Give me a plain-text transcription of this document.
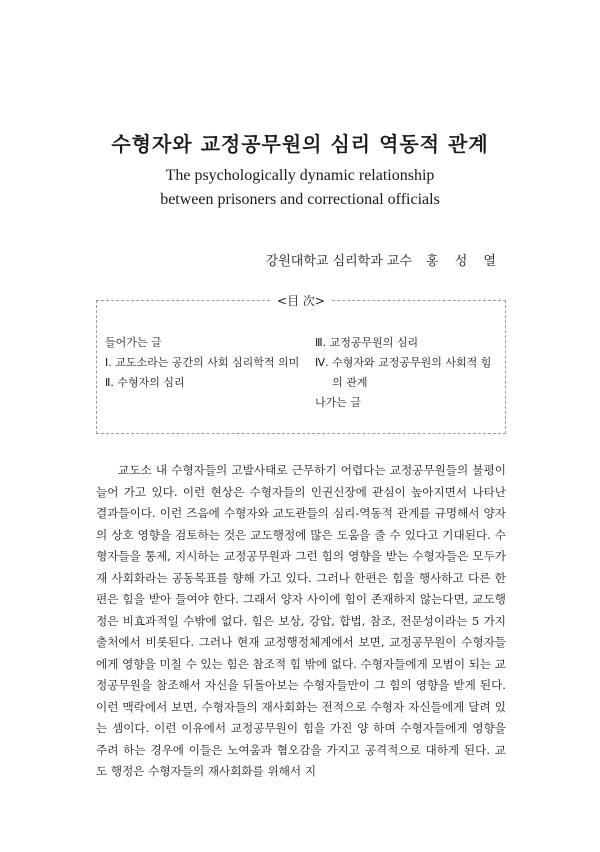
수형자와 교정공무원의 심리 역동적 관계
The psychologically dynamic relationship
between prisoners and correctional officials
강원대학교 심리학과 교수 홍 성 열
<目 次>
들어가는 글
Ⅰ. 교도소라는 공간의 사회 심리학적 의미
Ⅱ. 수형자의 심리
Ⅲ. 교정공무원의 심리
Ⅳ. 수형자와 교정공무원의 사회적 힘의 관계
나가는 글

교도소 내 수형자들의 고발사태로 근무하기 어렵다는 교정공무원들의 불평이 늘어 가고 있다. 이런 현상은 수형자들의 인권신장에 관심이 높아지면서 나타난 결과들이다. 이런 즈음에 수형자와 교도관들의 심리-역동적 관계를 규명해서 양자의 상호 영향을 검토하는 것은 교도행정에 많은 도움을 줄 수 있다고 기대된다. 수형자들을 통제, 지시하는 교정공무원과 그런 힘의 영향을 받는 수형자들은 모두가 재 사회화라는 공동목표를 향해 가고 있다. 그러나 한편은 힘을 행사하고 다른 한편은 힘을 받아 들여야 한다. 그래서 양자 사이에 힘이 존재하지 않는다면, 교도행정은 비효과적일 수밖에 없다. 힘은 보상, 강압, 합법, 참조, 전문성이라는 5 가지 출처에서 비롯된다. 그러나 현재 교정행정체계에서 보면, 교정공무원이 수형자들에게 영향을 미칠 수 있는 힘은 참조적 힘 밖에 없다. 수형자들에게 모범이 되는 교정공무원을 참조해서 자신을 뒤돌아보는 수형자들만이 그 힘의 영향을 받게 된다. 이런 맥락에서 보면, 수형자들의 재사회화는 전적으로 수형자 자신들에게 달려 있는 셈이다. 이런 이유에서 교정공무원이 힘을 가진 양 하며 수형자들에게 영향을 주려 하는 경우에 이들은 노여움과 혐오감을 가지고 공격적으로 대하게 된다. 교도 행정은 수형자들의 재사회화를 위해서 지
